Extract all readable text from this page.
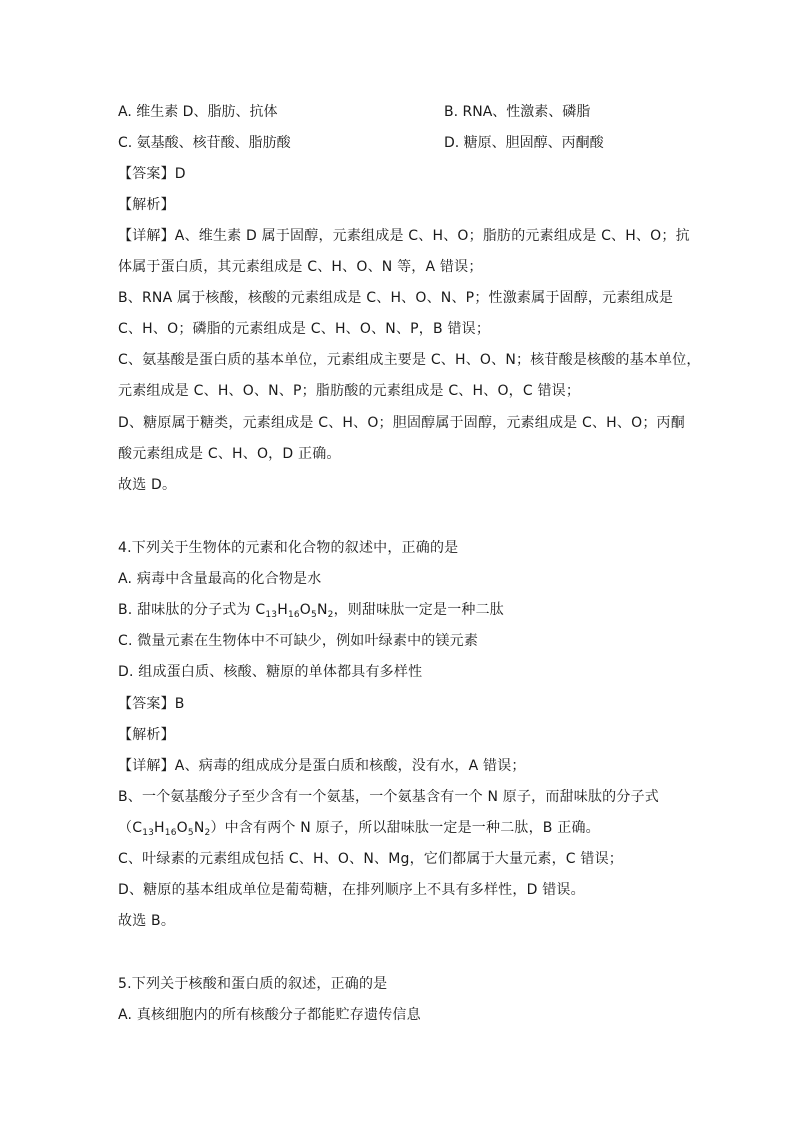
A. 维生素 D、脂肪、抗体	B. RNA、性激素、磷脂
C. 氨基酸、核苷酸、脂肪酸	D. 糖原、胆固醇、丙酮酸
【答案】D
【解析】
【详解】A、维生素 D 属于固醇，元素组成是 C、H、O；脂肪的元素组成是 C、H、O；抗
体属于蛋白质，其元素组成是 C、H、O、N 等，A 错误；
B、RNA 属于核酸，核酸的元素组成是 C、H、O、N、P；性激素属于固醇，元素组成是
C、H、O；磷脂的元素组成是 C、H、O、N、P，B 错误；
C、氨基酸是蛋白质的基本单位，元素组成主要是 C、H、O、N；核苷酸是核酸的基本单位，
元素组成是 C、H、O、N、P；脂肪酸的元素组成是 C、H、O，C 错误；
D、糖原属于糖类，元素组成是 C、H、O；胆固醇属于固醇，元素组成是 C、H、O；丙酮
酸元素组成是 C、H、O，D 正确。
故选 D。
4.下列关于生物体的元素和化合物的叙述中，正确的是
A. 病毒中含量最高的化合物是水
B. 甜味肽的分子式为 $C_{13}H_{16}O_5N_2$，则甜味肽一定是一种二肽
C. 微量元素在生物体中不可缺少，例如叶绿素中的镁元素
D. 组成蛋白质、核酸、糖原的单体都具有多样性
【答案】B
【解析】
【详解】A、病毒的组成成分是蛋白质和核酸，没有水，A 错误；
B、一个氨基酸分子至少含有一个氨基，一个氨基含有一个 N 原子，而甜味肽的分子式
$(C_{13}H_{16}O_5N_2)$中含有两个 N 原子，所以甜味肽一定是一种二肽，B 正确。
C、叶绿素的元素组成包括 C、H、O、N、Mg，它们都属于大量元素，C 错误；
D、糖原的基本组成单位是葡萄糖，在排列顺序上不具有多样性，D 错误。
故选 B。
5.下列关于核酸和蛋白质的叙述，正确的是
A. 真核细胞内的所有核酸分子都能贮存遗传信息
